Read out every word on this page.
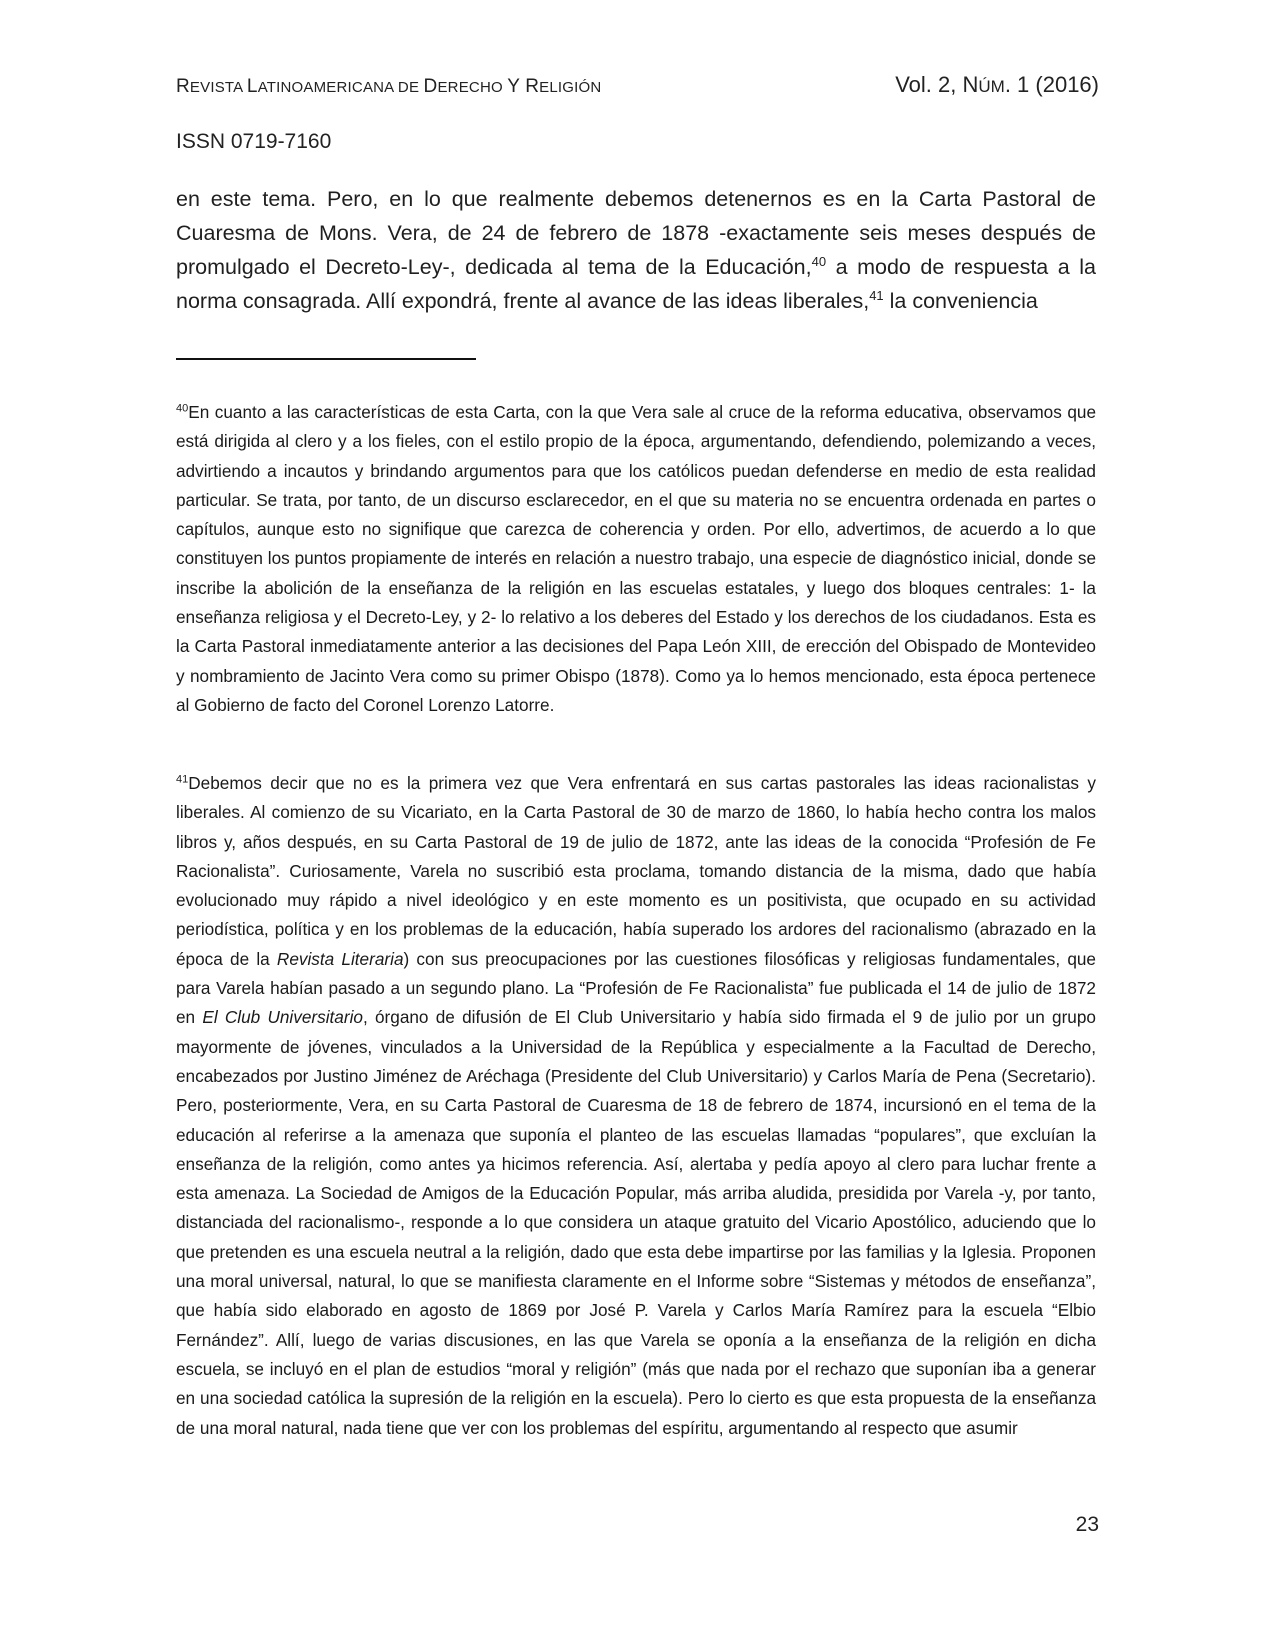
REVISTA LATINOAMERICANA DE DERECHO Y RELIGIÓN	Vol. 2, NÚM. 1 (2016)
ISSN 0719-7160
en este tema. Pero, en lo que realmente debemos detenernos es en la Carta Pastoral de Cuaresma de Mons. Vera, de 24 de febrero de 1878 -exactamente seis meses después de promulgado el Decreto-Ley-, dedicada al tema de la Educación,$^{40}$ a modo de respuesta a la norma consagrada. Allí expondrá, frente al avance de las ideas liberales,$^{41}$ la conveniencia
$^{40}$En cuanto a las características de esta Carta, con la que Vera sale al cruce de la reforma educativa, observamos que está dirigida al clero y a los fieles, con el estilo propio de la época, argumentando, defendiendo, polemizando a veces, advirtiendo a incautos y brindando argumentos para que los católicos puedan defenderse en medio de esta realidad particular. Se trata, por tanto, de un discurso esclarecedor, en el que su materia no se encuentra ordenada en partes o capítulos, aunque esto no signifique que carezca de coherencia y orden. Por ello, advertimos, de acuerdo a lo que constituyen los puntos propiamente de interés en relación a nuestro trabajo, una especie de diagnóstico inicial, donde se inscribe la abolición de la enseñanza de la religión en las escuelas estatales, y luego dos bloques centrales: 1- la enseñanza religiosa y el Decreto-Ley, y 2- lo relativo a los deberes del Estado y los derechos de los ciudadanos. Esta es la Carta Pastoral inmediatamente anterior a las decisiones del Papa León XIII, de erección del Obispado de Montevideo y nombramiento de Jacinto Vera como su primer Obispo (1878). Como ya lo hemos mencionado, esta época pertenece al Gobierno de facto del Coronel Lorenzo Latorre.
$^{41}$Debemos decir que no es la primera vez que Vera enfrentará en sus cartas pastorales las ideas racionalistas y liberales. Al comienzo de su Vicariato, en la Carta Pastoral de 30 de marzo de 1860, lo había hecho contra los malos libros y, años después, en su Carta Pastoral de 19 de julio de 1872, ante las ideas de la conocida “Profesión de Fe Racionalista”. Curiosamente, Varela no suscribió esta proclama, tomando distancia de la misma, dado que había evolucionado muy rápido a nivel ideológico y en este momento es un positivista, que ocupado en su actividad periodística, política y en los problemas de la educación, había superado los ardores del racionalismo (abrazado en la época de la Revista Literaria) con sus preocupaciones por las cuestiones filosóficas y religiosas fundamentales, que para Varela habían pasado a un segundo plano. La “Profesión de Fe Racionalista” fue publicada el 14 de julio de 1872 en El Club Universitario, órgano de difusión de El Club Universitario y había sido firmada el 9 de julio por un grupo mayormente de jóvenes, vinculados a la Universidad de la República y especialmente a la Facultad de Derecho, encabezados por Justino Jiménez de Aréchaga (Presidente del Club Universitario) y Carlos María de Pena (Secretario). Pero, posteriormente, Vera, en su Carta Pastoral de Cuaresma de 18 de febrero de 1874, incursionó en el tema de la educación al referirse a la amenaza que suponía el planteo de las escuelas llamadas “populares”, que excluían la enseñanza de la religión, como antes ya hicimos referencia. Así, alertaba y pedía apoyo al clero para luchar frente a esta amenaza. La Sociedad de Amigos de la Educación Popular, más arriba aludida, presidida por Varela -y, por tanto, distanciada del racionalismo-, responde a lo que considera un ataque gratuito del Vicario Apostólico, aduciendo que lo que pretenden es una escuela neutral a la religión, dado que esta debe impartirse por las familias y la Iglesia. Proponen una moral universal, natural, lo que se manifiesta claramente en el Informe sobre “Sistemas y métodos de enseñanza”, que había sido elaborado en agosto de 1869 por José P. Varela y Carlos María Ramírez para la escuela “Elbio Fernández”. Allí, luego de varias discusiones, en las que Varela se oponía a la enseñanza de la religión en dicha escuela, se incluyó en el plan de estudios “moral y religión” (más que nada por el rechazo que suponían iba a generar en una sociedad católica la supresión de la religión en la escuela). Pero lo cierto es que esta propuesta de la enseñanza de una moral natural, nada tiene que ver con los problemas del espíritu, argumentando al respecto que asumir
23
